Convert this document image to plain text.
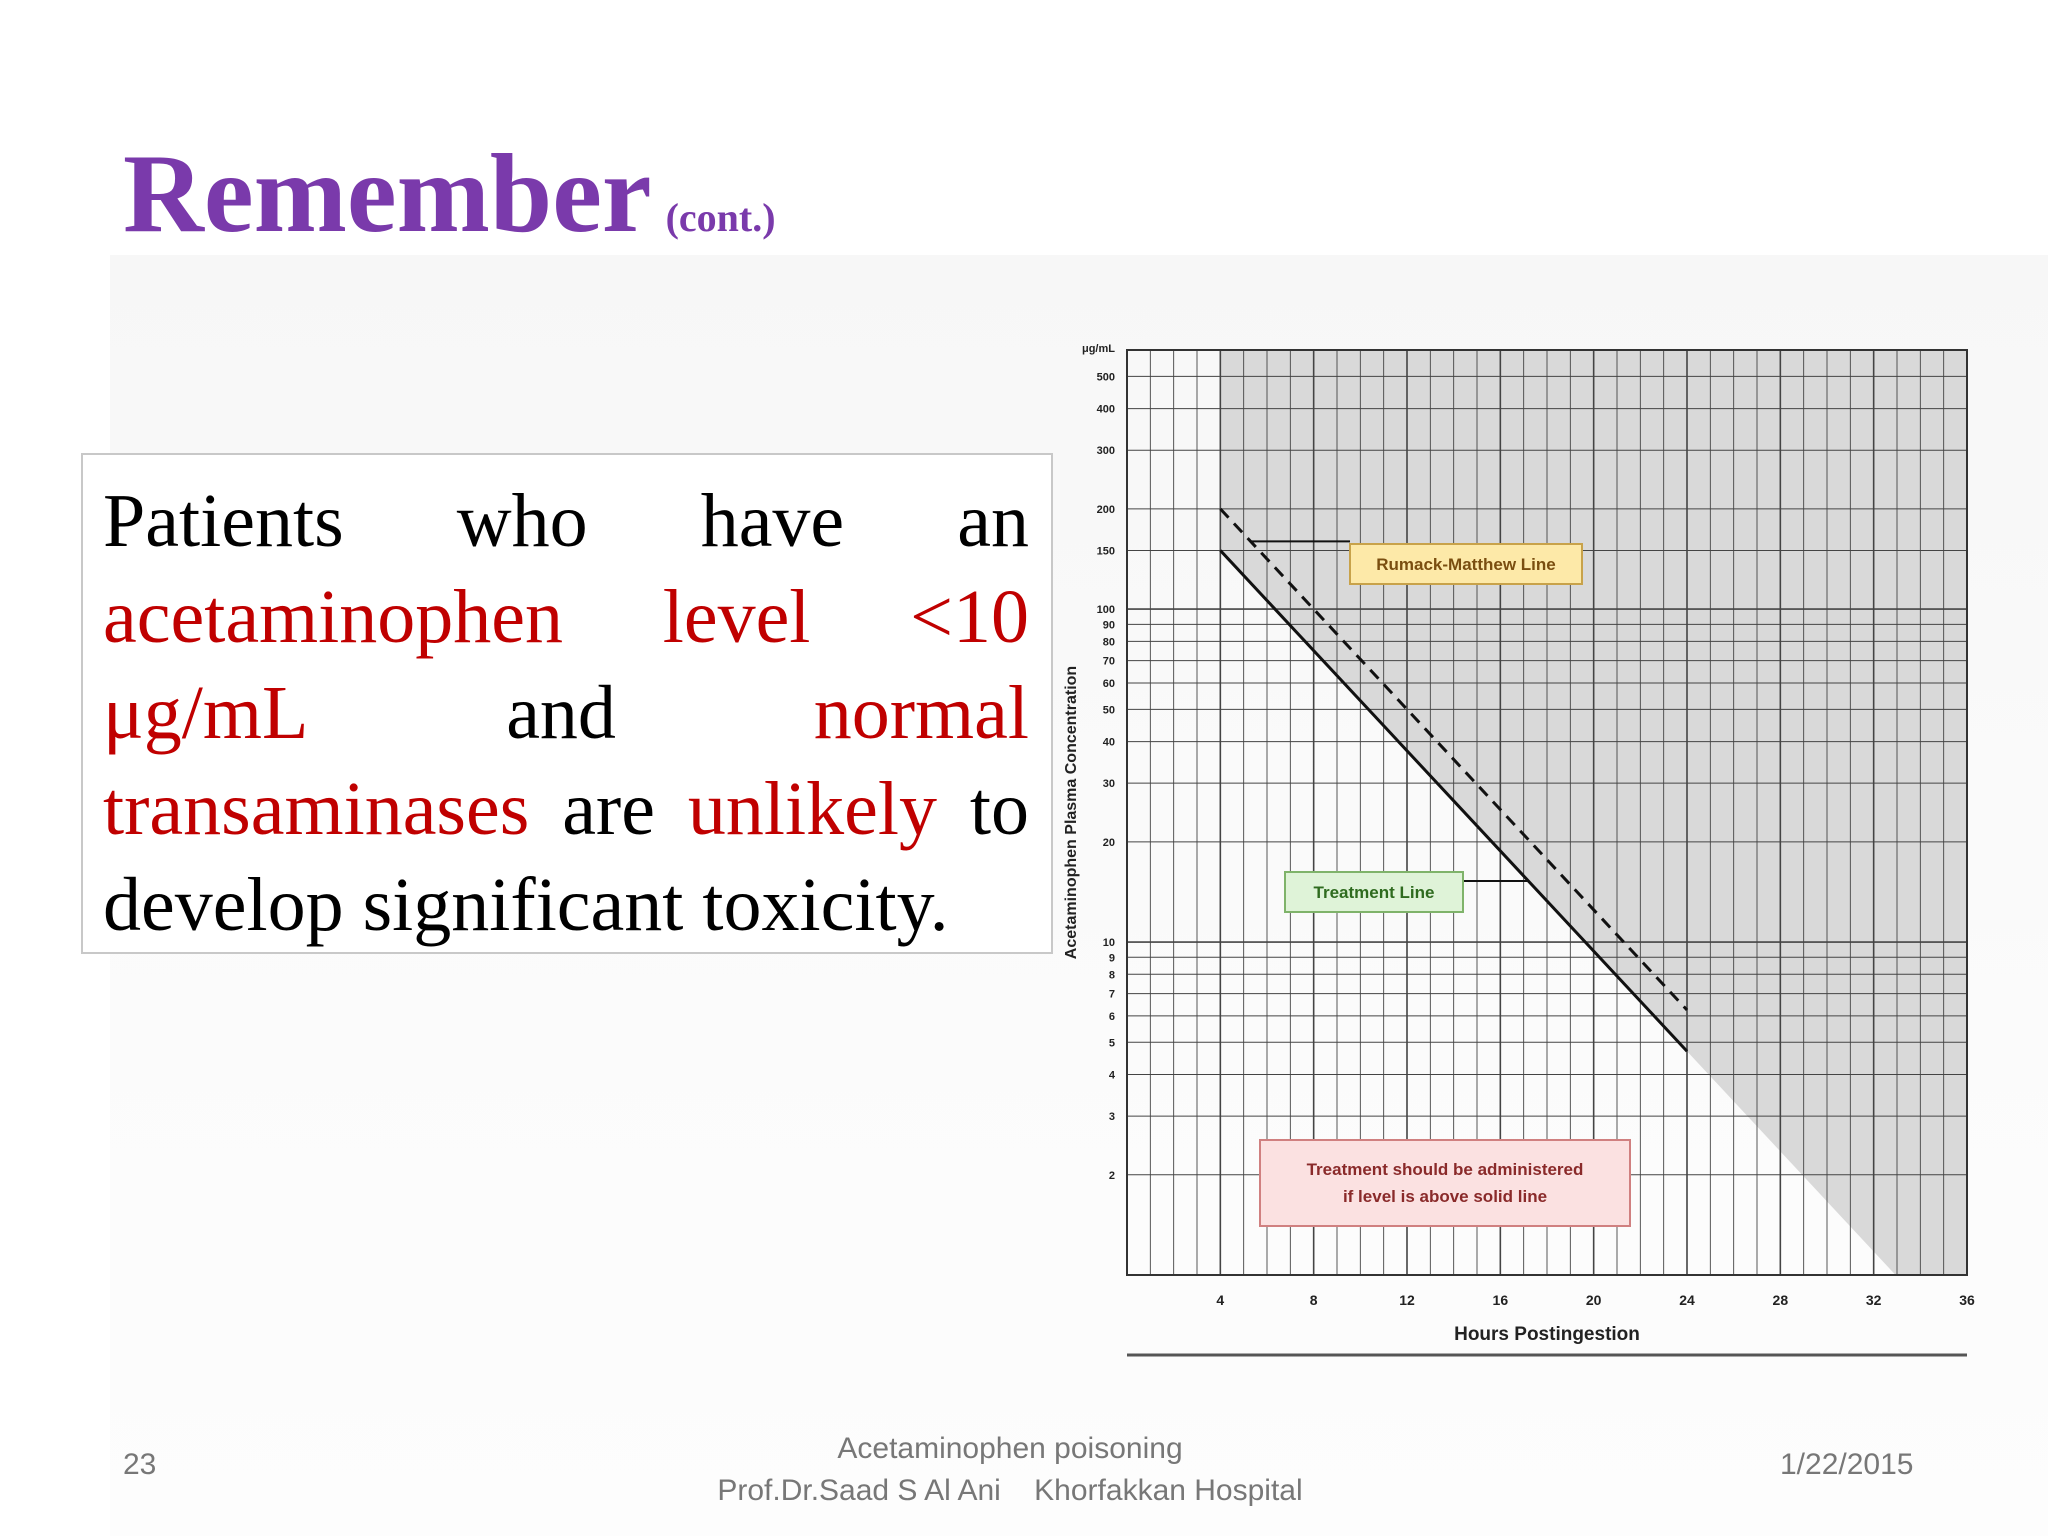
Remember (cont.)
Patients who have an
acetaminophen level <10
μg/mL	and	normal
transaminases are unlikely to
develop significant toxicity.
4	8	12	16	20	24	28	32	36
500
400
300
200
150
100
90
80
70
60
50
40
30
20
10
9
8
7
6
5
4
3
2
μg/mL
Hours Postingestion
Acetaminophen Plasma Concentration
Rumack-Matthew Line
Treatment Line
Treatment should be administered
if level is above solid line
23	Acetaminophen poisoning
Prof.Dr.Saad S Al Ani    Khorfakkan Hospital
1/22/2015
